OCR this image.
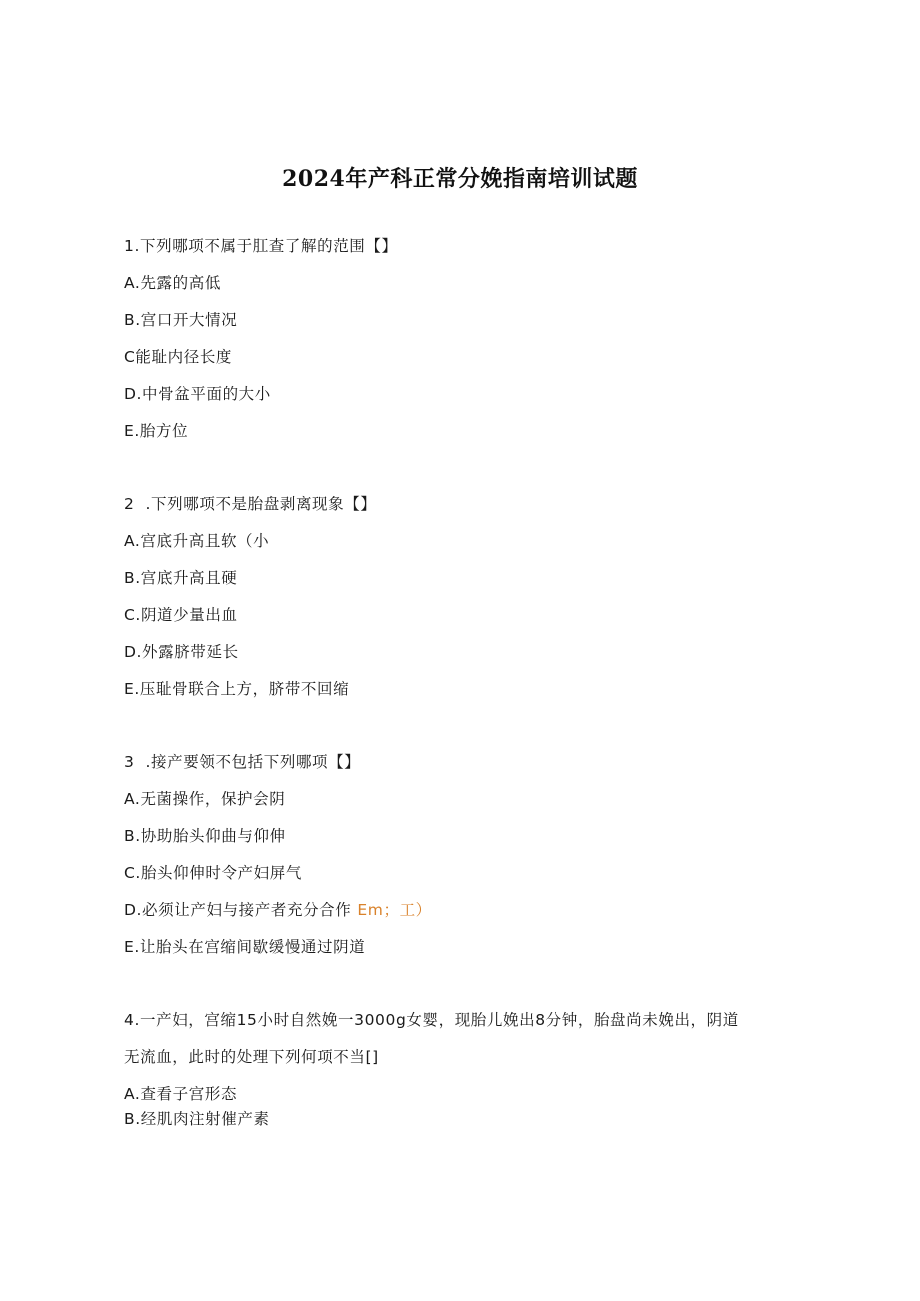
2024年产科正常分娩指南培训试题
1.下列哪项不属于肛查了解的范围【】
A.先露的高低
B.宫口开大情况
C能耻内径长度
D.中骨盆平面的大小
E.胎方位
2  .下列哪项不是胎盘剥离现象【】
A.宫底升高且软（小
B.宫底升高且硬
C.阴道少量出血
D.外露脐带延长
E.压耻骨联合上方，脐带不回缩
3  .接产要领不包括下列哪项【】
A.无菌操作，保护会阴
B.协助胎头仰曲与仰伸
C.胎头仰伸时令产妇屏气
D.必须让产妇与接产者充分合作 Em；工）
E.让胎头在宫缩间歇缓慢通过阴道
4.一产妇，宫缩15小时自然娩一3000g女婴，现胎儿娩出8分钟，胎盘尚未娩出，阴道
无流血，此时的处理下列何项不当[]
A.查看子宫形态
B.经肌肉注射催产素
